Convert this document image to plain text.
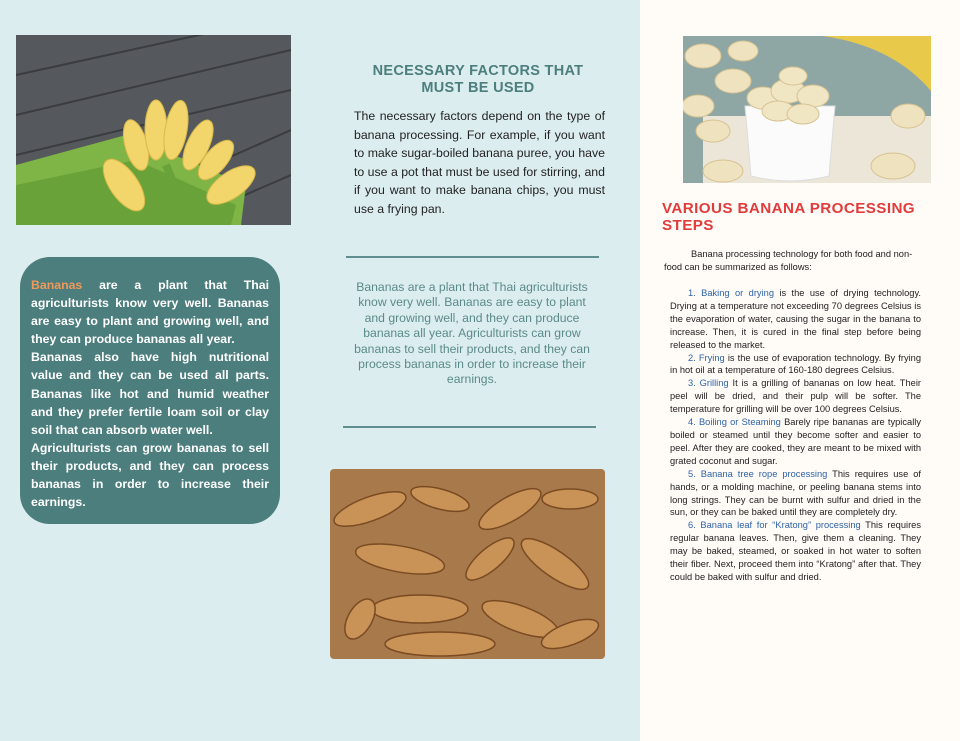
Bananas are a plant that Thai agriculturists know very well. Bananas are easy to plant and growing well, and they can produce bananas all year.

Bananas also have high nutritional value and they can be used all parts. Bananas like hot and humid weather and they prefer fertile loam soil or clay soil that can absorb water well.

Agriculturists can grow bananas to sell their products, and they can process bananas in order to increase their earnings.

NECESSARY FACTORS THAT MUST BE USED
The necessary factors depend on the type of banana processing. For example, if you want to make sugar-boiled banana puree, you have to use a pot that must be used for stirring, and if you want to make banana chips, you must use a frying pan.
Bananas are a plant that Thai agriculturists know very well. Bananas are easy to plant and growing well, and they can produce bananas all year. Agriculturists can grow bananas to sell their products, and they can process bananas in order to increase their earnings.
VARIOUS BANANA PROCESSING STEPS
Banana processing technology for both food and non-food can be summarized as follows:

1. Baking or drying is the use of drying technology. Drying at a temperature not exceeding 70 degrees Celsius is the evaporation of water, causing the sugar in the banana to increase. Then, it is cured in the final step before being released to the market.

2. Frying is the use of evaporation technology. By frying in hot oil at a temperature of 160-180 degrees Celsius.

3. Grilling It is a grilling of bananas on low heat. Their peel will be dried, and their pulp will be softer. The temperature for grilling will be over 100 degrees Celsius.

4. Boiling or Steaming Barely ripe bananas are typically boiled or steamed until they become softer and easier to peel. After they are cooked, they are meant to be mixed with grated coconut and sugar.

5. Banana tree rope processing This requires use of hands, or a molding machine, or peeling banana stems into long strings. They can be burnt with sulfur and dried in the sun, or they can be baked until they are completely dry.

6. Banana leaf for “Kratong” processing This requires regular banana leaves. Then, give them a cleaning. They may be baked, steamed, or soaked in hot water to soften their fiber. Next, proceed them into “Kratong” after that. They could be baked with sulfur and dried.
